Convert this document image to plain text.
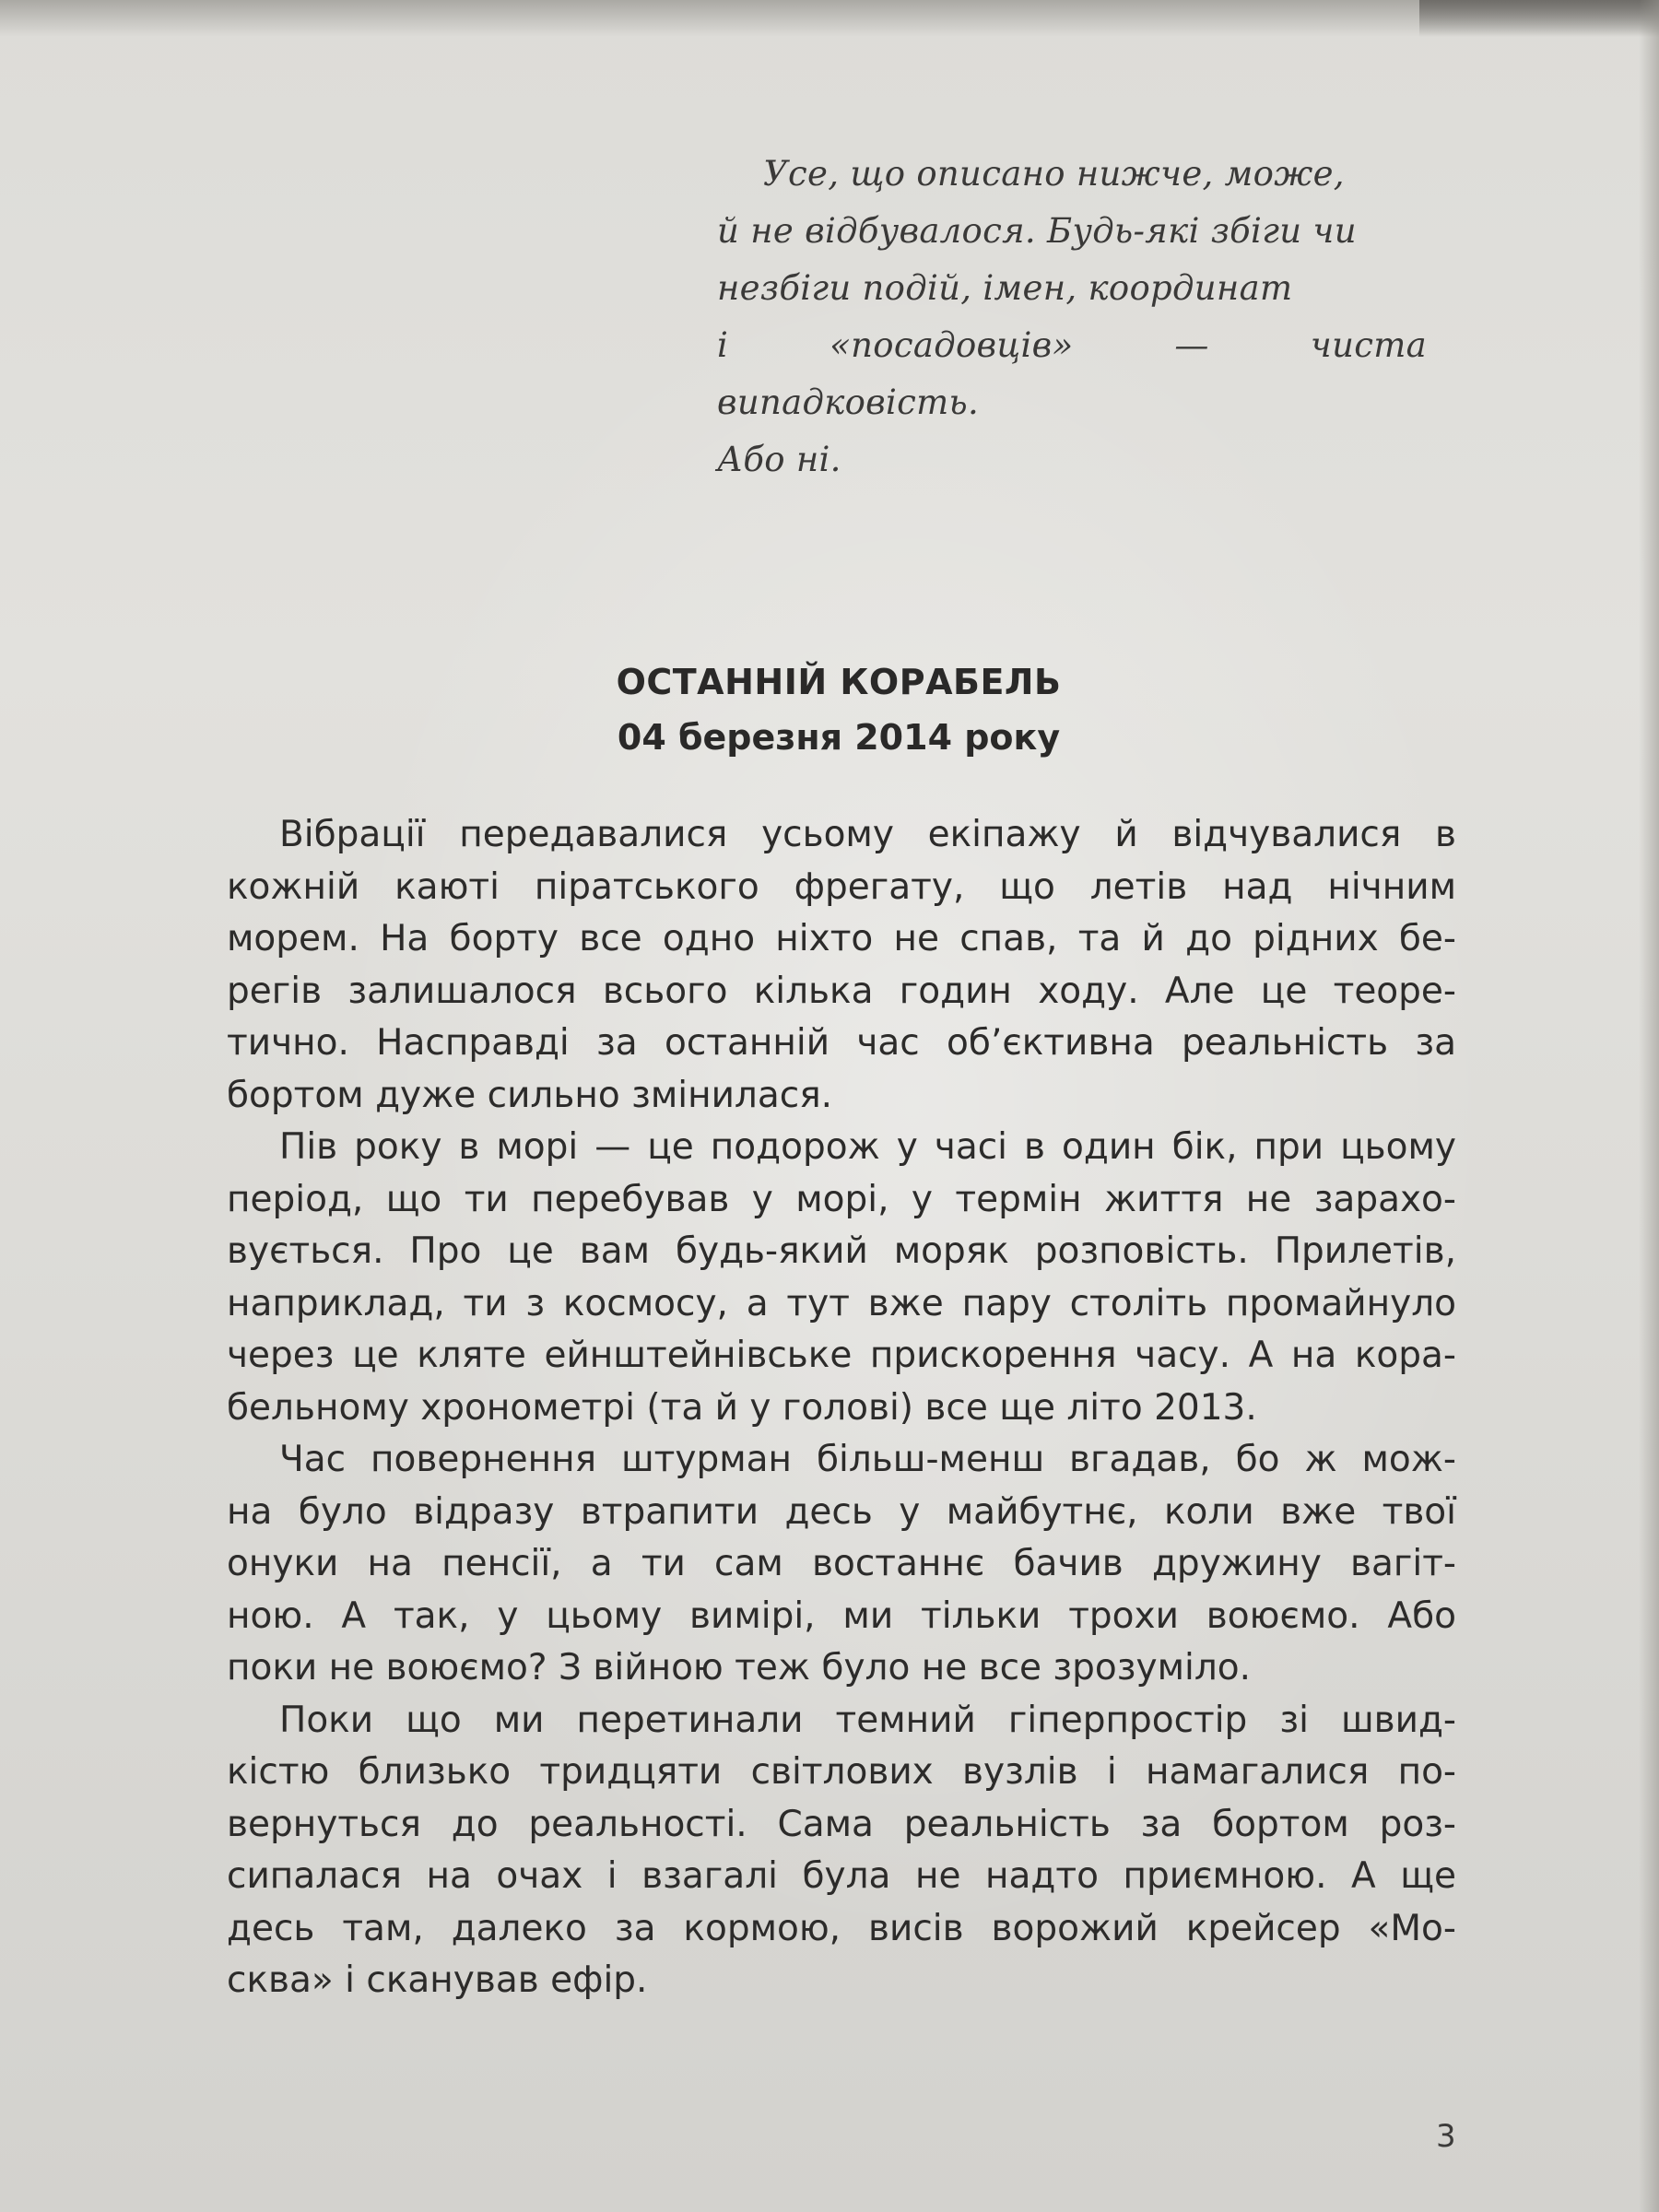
Усе, що описано нижче, може,
й не відбувалося. Будь-які збіги чи
незбіги подій, імен, координат
і «посадовців» — чиста випадковість.
Або ні.
ОСТАННІЙ КОРАБЕЛЬ
04 березня 2014 року
Вібрації передавалися усьому екіпажу й відчувалися в
кожній каюті піратського фрегату, що летів над нічним
морем. На борту все одно ніхто не спав, та й до рідних бе-
регів залишалося всього кілька годин ходу. Але це теоре-
тично. Насправді за останній час об’єктивна реальність за
бортом дуже сильно змінилася.
Пів року в морі — це подорож у часі в один бік, при цьому
період, що ти перебував у морі, у термін життя не зарахо-
вується. Про це вам будь-який моряк розповість. Прилетів,
наприклад, ти з космосу, а тут вже пару століть промайнуло
через це кляте ейнштейнівське прискорення часу. А на кора-
бельному хронометрі (та й у голові) все ще літо 2013.
Час повернення штурман більш-менш вгадав, бо ж мож-
на було відразу втрапити десь у майбутнє, коли вже твої
онуки на пенсії, а ти сам востаннє бачив дружину вагіт-
ною. А так, у цьому вимірі, ми тільки трохи воюємо. Або
поки не воюємо? З війною теж було не все зрозуміло.
Поки що ми перетинали темний гіперпростір зі швид-
кістю близько тридцяти світлових вузлів і намагалися по-
вернуться до реальності. Сама реальність за бортом роз-
сипалася на очах і взагалі була не надто приємною. А ще
десь там, далеко за кормою, висів ворожий крейсер «Мо-
сква» і сканував ефір.
3
